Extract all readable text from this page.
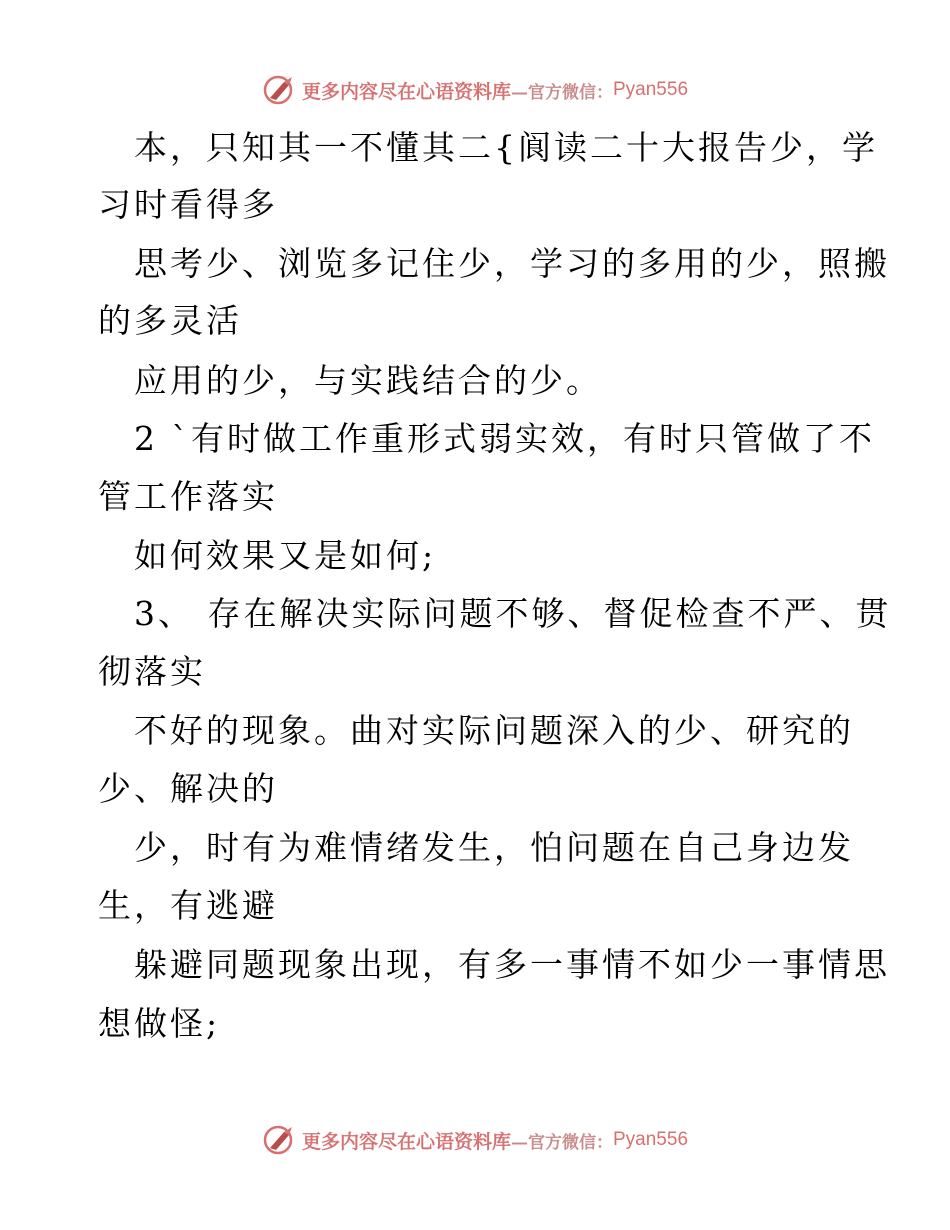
更多内容尽在心语资料库 —官方微信： Pyan556
本，只知其一不懂其二{阆读二十大报告少，学
习时看得多
思考少、浏览多记住少，学习的多用的少，照搬
的多灵活
应用的少，与实践结合的少。
2 `有时做工作重形式弱实效，有时只管做了不
管工作落实
如何效果又是如何;
3、 存在解决实际问题不够、督促检查不严、贯
彻落实
不好的现象。曲对实际问题深入的少、研究的
少、解决的
少，时有为难情绪发生，怕问题在自己身边发
生，有逃避
躲避同题现象出现，有多一事情不如少一事情思
想做怪;
更多内容尽在心语资料库 —官方微信： Pyan556
